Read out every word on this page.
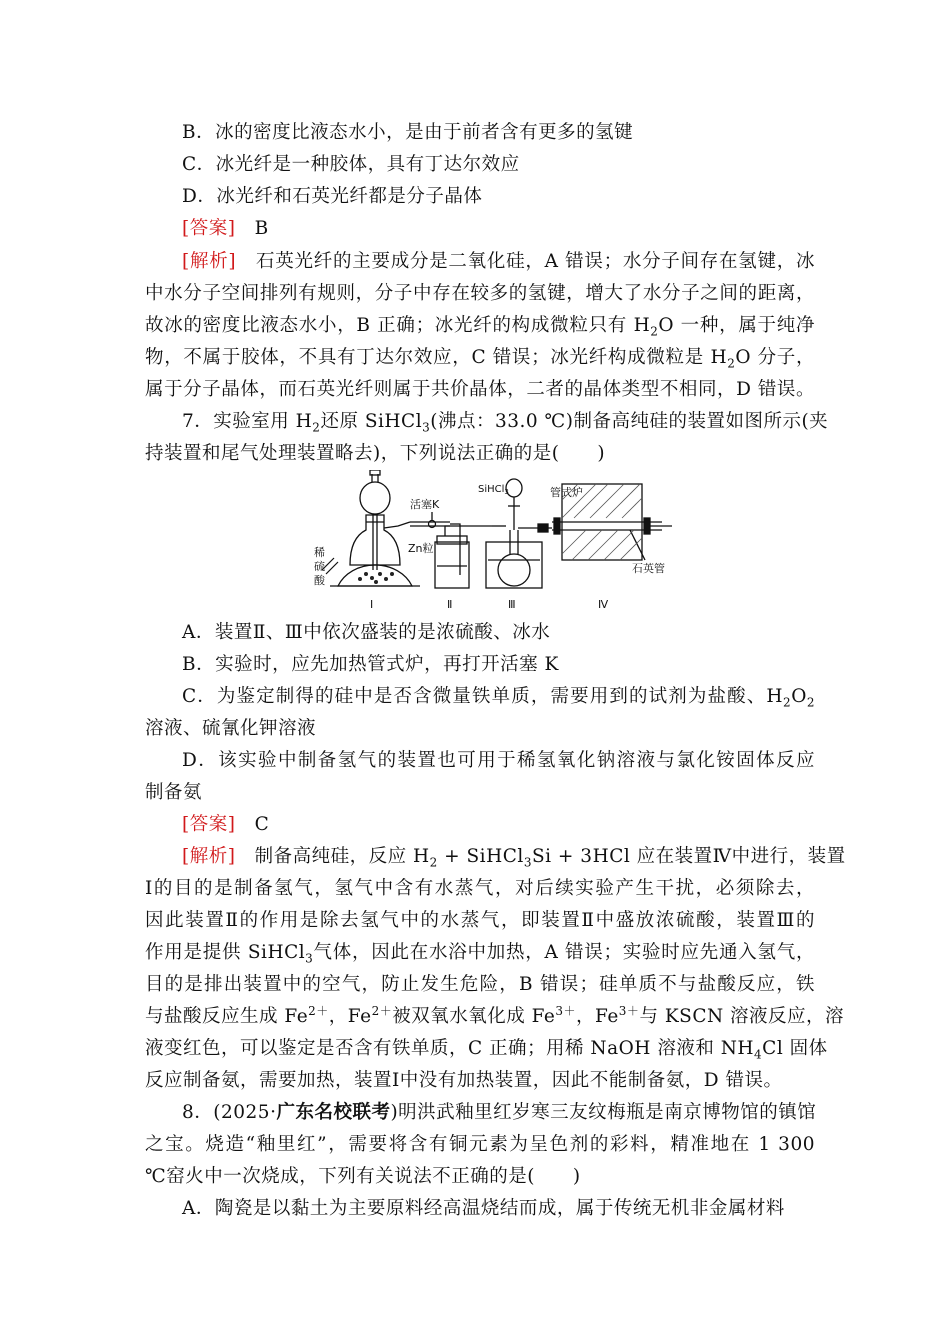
B．冰的密度比液态水小，是由于前者含有更多的氢键
C．冰光纤是一种胶体，具有丁达尔效应
D．冰光纤和石英光纤都是分子晶体
[答案] B
[解析] 石英光纤的主要成分是二氧化硅，A 错误；水分子间存在氢键，冰
中水分子空间排列有规则，分子中存在较多的氢键，增大了水分子之间的距离，
故冰的密度比液态水小，B 正确；冰光纤的构成微粒只有 $H_2O$ 一种，属于纯净
物，不属于胶体，不具有丁达尔效应，C 错误；冰光纤构成微粒是 $H_2O$ 分子，
属于分子晶体，而石英光纤则属于共价晶体，二者的晶体类型不相同，D 错误。
7．实验室用 $H_2$还原 SiHCl$_3$(沸点：33.0 ℃)制备高纯硅的装置如图所示(夹
持装置和尾气处理装置略去)，下列说法正确的是(　　)
SiHCl$_3$
活塞K
管式炉
Zn粒
稀
硫
酸
石英管
Ⅰ	Ⅱ	Ⅲ	Ⅳ
A．装置Ⅱ、Ⅲ中依次盛装的是浓硫酸、冰水
B．实验时，应先加热管式炉，再打开活塞 K
C．为鉴定制得的硅中是否含微量铁单质，需要用到的试剂为盐酸、$H_2O_2$
溶液、硫氰化钾溶液
D．该实验中制备氢气的装置也可用于稀氢氧化钠溶液与氯化铵固体反应
制备氨
[答案] C
[解析] 制备高纯硅，反应 $H_2$ + SiHCl$_3$Si + 3HCl 应在装置Ⅳ中进行，装置
Ⅰ的目的是制备氢气，氢气中含有水蒸气，对后续实验产生干扰，必须除去，
因此装置Ⅱ的作用是除去氢气中的水蒸气，即装置Ⅱ中盛放浓硫酸，装置Ⅲ的
作用是提供 SiHCl$_3$气体，因此在水浴中加热，A 错误；实验时应先通入氢气，
目的是排出装置中的空气，防止发生危险，B 错误；硅单质不与盐酸反应，铁
与盐酸反应生成 $Fe^{2+}$，$Fe^{2+}$被双氧水氧化成 $Fe^{3+}$，$Fe^{3+}$与 KSCN 溶液反应，溶
液变红色，可以鉴定是否含有铁单质，C 正确；用稀 NaOH 溶液和 $NH_4Cl$ 固体
反应制备氨，需要加热，装置Ⅰ中没有加热装置，因此不能制备氨，D 错误。
8．(2025·广东名校联考)明洪武釉里红岁寒三友纹梅瓶是南京博物馆的镇馆
之宝。烧造“釉里红”，需要将含有铜元素为呈色剂的彩料，精准地在 1 300
℃窑火中一次烧成，下列有关说法不正确的是(　　)
A．陶瓷是以黏土为主要原料经高温烧结而成，属于传统无机非金属材料
